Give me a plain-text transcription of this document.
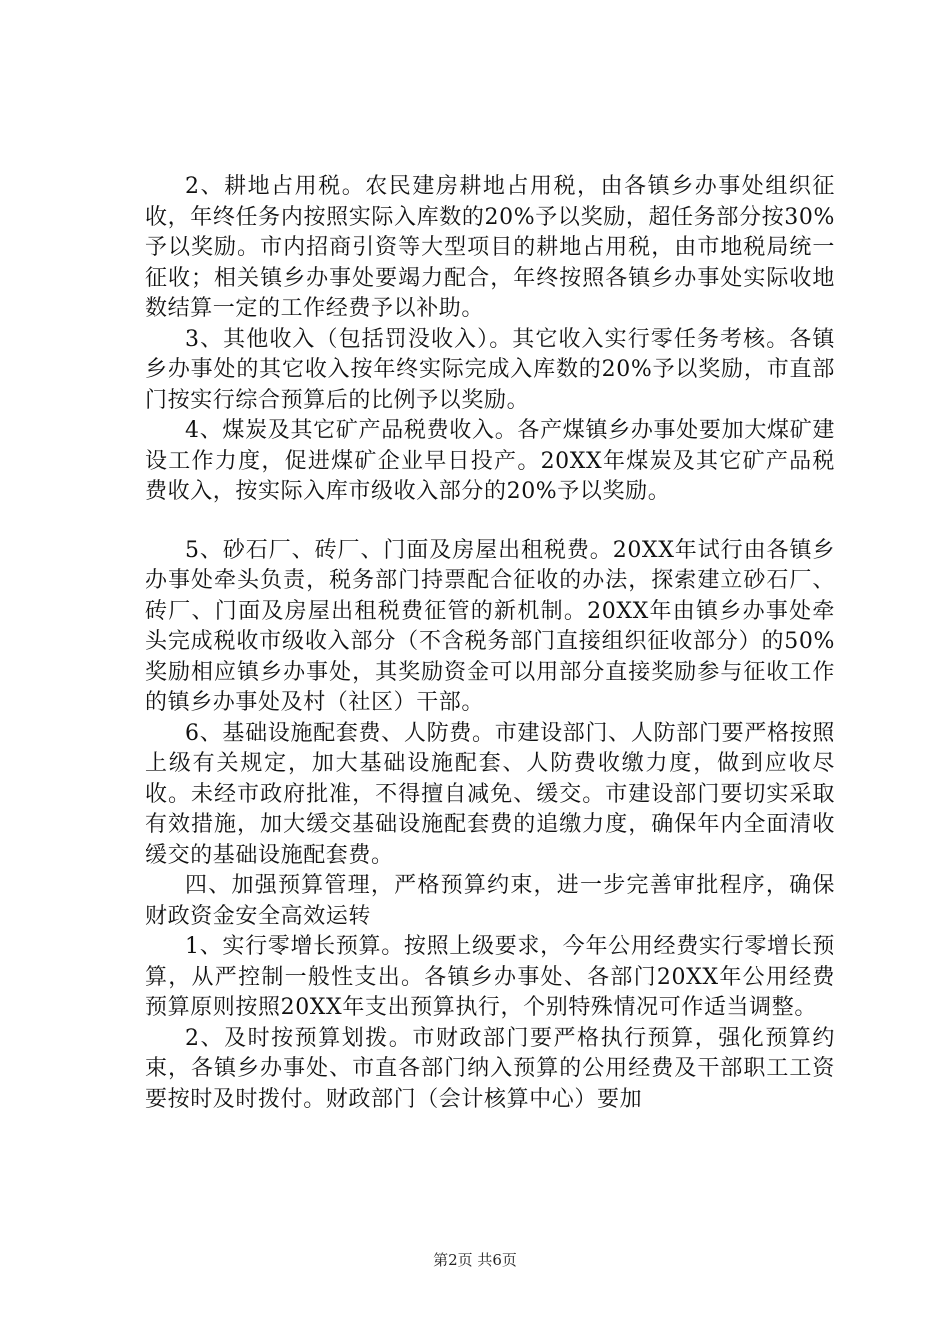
2、耕地占用税。农民建房耕地占用税，由各镇乡办事处组织征收，年终任务内按照实际入库数的20%予以奖励，超任务部分按30%予以奖励。市内招商引资等大型项目的耕地占用税，由市地税局统一征收；相关镇乡办事处要竭力配合，年终按照各镇乡办事处实际收地数结算一定的工作经费予以补助。

3、其他收入（包括罚没收入）。其它收入实行零任务考核。各镇乡办事处的其它收入按年终实际完成入库数的20%予以奖励，市直部门按实行综合预算后的比例予以奖励。

4、煤炭及其它矿产品税费收入。各产煤镇乡办事处要加大煤矿建设工作力度，促进煤矿企业早日投产。20XX年煤炭及其它矿产品税费收入，按实际入库市级收入部分的20%予以奖励。

5、砂石厂、砖厂、门面及房屋出租税费。20XX年试行由各镇乡办事处牵头负责，税务部门持票配合征收的办法，探索建立砂石厂、砖厂、门面及房屋出租税费征管的新机制。20XX年由镇乡办事处牵头完成税收市级收入部分（不含税务部门直接组织征收部分）的50%奖励相应镇乡办事处，其奖励资金可以用部分直接奖励参与征收工作的镇乡办事处及村（社区）干部。

6、基础设施配套费、人防费。市建设部门、人防部门要严格按照上级有关规定，加大基础设施配套、人防费收缴力度，做到应收尽收。未经市政府批准，不得擅自减免、缓交。市建设部门要切实采取有效措施，加大缓交基础设施配套费的追缴力度，确保年内全面清收缓交的基础设施配套费。

四、加强预算管理，严格预算约束，进一步完善审批程序，确保财政资金安全高效运转

1、实行零增长预算。按照上级要求，今年公用经费实行零增长预算，从严控制一般性支出。各镇乡办事处、各部门20XX年公用经费预算原则按照20XX年支出预算执行，个别特殊情况可作适当调整。

2、及时按预算划拨。市财政部门要严格执行预算，强化预算约束，各镇乡办事处、市直各部门纳入预算的公用经费及干部职工工资要按时及时拨付。财政部门（会计核算中心）要加

第2页 共6页
